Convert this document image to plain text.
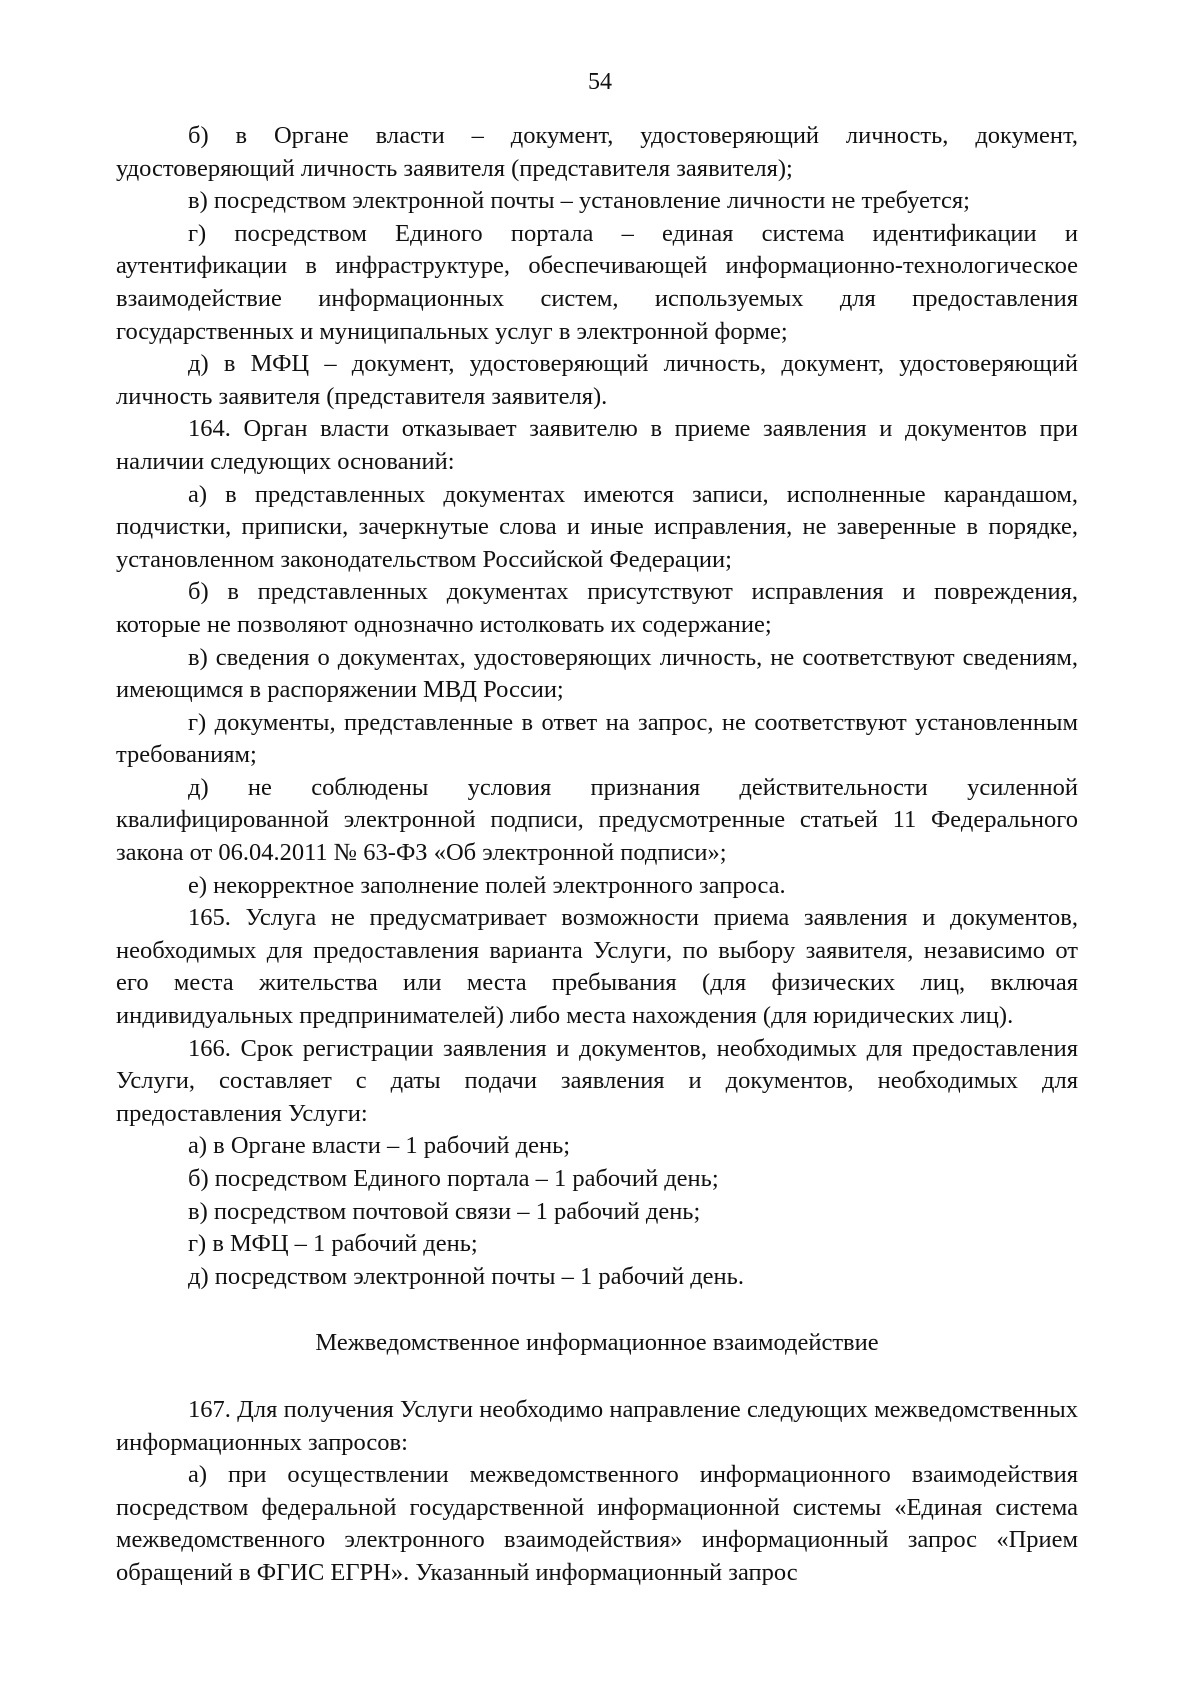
54

б) в Органе власти – документ, удостоверяющий личность, документ, удостоверяющий личность заявителя (представителя заявителя);

в) посредством электронной почты – установление личности не требуется;

г) посредством Единого портала – единая система идентификации и аутентификации в инфраструктуре, обеспечивающей информационно-технологическое взаимодействие информационных систем, используемых для предоставления государственных и муниципальных услуг в электронной форме;

д) в МФЦ – документ, удостоверяющий личность, документ, удостоверяющий личность заявителя (представителя заявителя).

164. Орган власти отказывает заявителю в приеме заявления и документов при наличии следующих оснований:

а) в представленных документах имеются записи, исполненные карандашом, подчистки, приписки, зачеркнутые слова и иные исправления, не заверенные в порядке, установленном законодательством Российской Федерации;

б) в представленных документах присутствуют исправления и повреждения, которые не позволяют однозначно истолковать их содержание;

в) сведения о документах, удостоверяющих личность, не соответствуют сведениям, имеющимся в распоряжении МВД России;

г) документы, представленные в ответ на запрос, не соответствуют установленным требованиям;

д) не соблюдены условия признания действительности усиленной квалифицированной электронной подписи, предусмотренные статьей 11 Федерального закона от 06.04.2011 № 63-ФЗ «Об электронной подписи»;

е) некорректное заполнение полей электронного запроса.

165. Услуга не предусматривает возможности приема заявления и документов, необходимых для предоставления варианта Услуги, по выбору заявителя, независимо от его места жительства или места пребывания (для физических лиц, включая индивидуальных предпринимателей) либо места нахождения (для юридических лиц).

166. Срок регистрации заявления и документов, необходимых для предоставления Услуги, составляет с даты подачи заявления и документов, необходимых для предоставления Услуги:

а) в Органе власти – 1 рабочий день;

б) посредством Единого портала – 1 рабочий день;

в) посредством почтовой связи – 1 рабочий день;

г) в МФЦ – 1 рабочий день;

д) посредством электронной почты – 1 рабочий день.

Межведомственное информационное взаимодействие

167. Для получения Услуги необходимо направление следующих межведомственных информационных запросов:

а) при осуществлении межведомственного информационного взаимодействия посредством федеральной государственной информационной системы «Единая система межведомственного электронного взаимодействия» информационный запрос «Прием обращений в ФГИС ЕГРН». Указанный информационный запрос
